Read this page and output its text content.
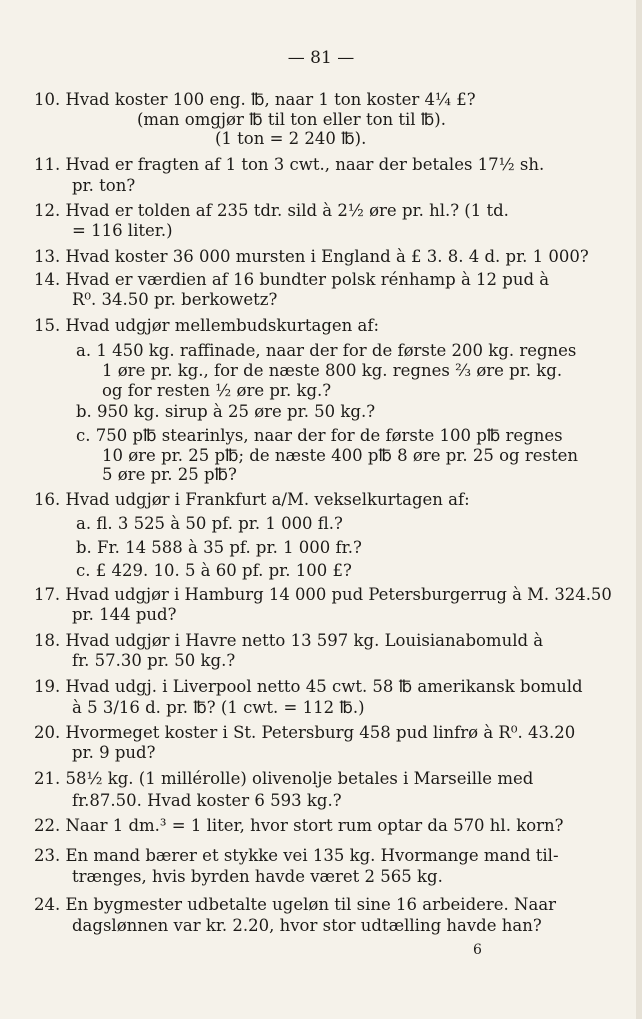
— 81 —
10. Hvad koster 100 eng. ℔, naar 1 ton koster 4¼ £?
(man omgjør ℔ til ton eller ton til ℔).
(1 ton = 2 240 ℔).
11. Hvad er fragten af 1 ton 3 cwt., naar der betales 17½ sh.
pr. ton?
12. Hvad er tolden af 235 tdr. sild à 2½ øre pr. hl.? (1 td.
= 116 liter.)
13. Hvad koster 36 000 mursten i England à £ 3. 8. 4 d. pr. 1 000?
14. Hvad er værdien af 16 bundter polsk rénhamp à 12 pud à
R⁰. 34.50 pr. berkowetz?
15. Hvad udgjør mellembudskurtagen af:
a. 1 450 kg. raffinade, naar der for de første 200 kg. regnes
1 øre pr. kg., for de næste 800 kg. regnes ⅔ øre pr. kg.
og for resten ½ øre pr. kg.?
b. 950 kg. sirup à 25 øre pr. 50 kg.?
c. 750 p℔ stearinlys, naar der for de første 100 p℔ regnes
10 øre pr. 25 p℔; de næste 400 p℔ 8 øre pr. 25 og resten
5 øre pr. 25 p℔?
16. Hvad udgjør i Frankfurt a/M. vekselkurtagen af:
a. fl. 3 525 à 50 pf. pr. 1 000 fl.?
b. Fr. 14 588 à 35 pf. pr. 1 000 fr.?
c. £ 429. 10. 5 à 60 pf. pr. 100 £?
17. Hvad udgjør i Hamburg 14 000 pud Petersburgerrug à M. 324.50
pr. 144 pud?
18. Hvad udgjør i Havre netto 13 597 kg. Louisianabomuld à
fr. 57.30 pr. 50 kg.?
19. Hvad udgj. i Liverpool netto 45 cwt. 58 ℔ amerikansk bomuld
à 5 3/16 d. pr. ℔? (1 cwt. = 112 ℔.)
20. Hvormeget koster i St. Petersburg 458 pud linfrø à R⁰. 43.20
pr. 9 pud?
21. 58½ kg. (1 millérolle) olivenolje betales i Marseille med
fr.87.50. Hvad koster 6 593 kg.?
22. Naar 1 dm.³ = 1 liter, hvor stort rum optar da 570 hl. korn?
23. En mand bærer et stykke vei 135 kg. Hvormange mand til-
trænges, hvis byrden havde været 2 565 kg.
24. En bygmester udbetalte ugeløn til sine 16 arbeidere. Naar
dagslønnen var kr. 2.20, hvor stor udtælling havde han?
6
